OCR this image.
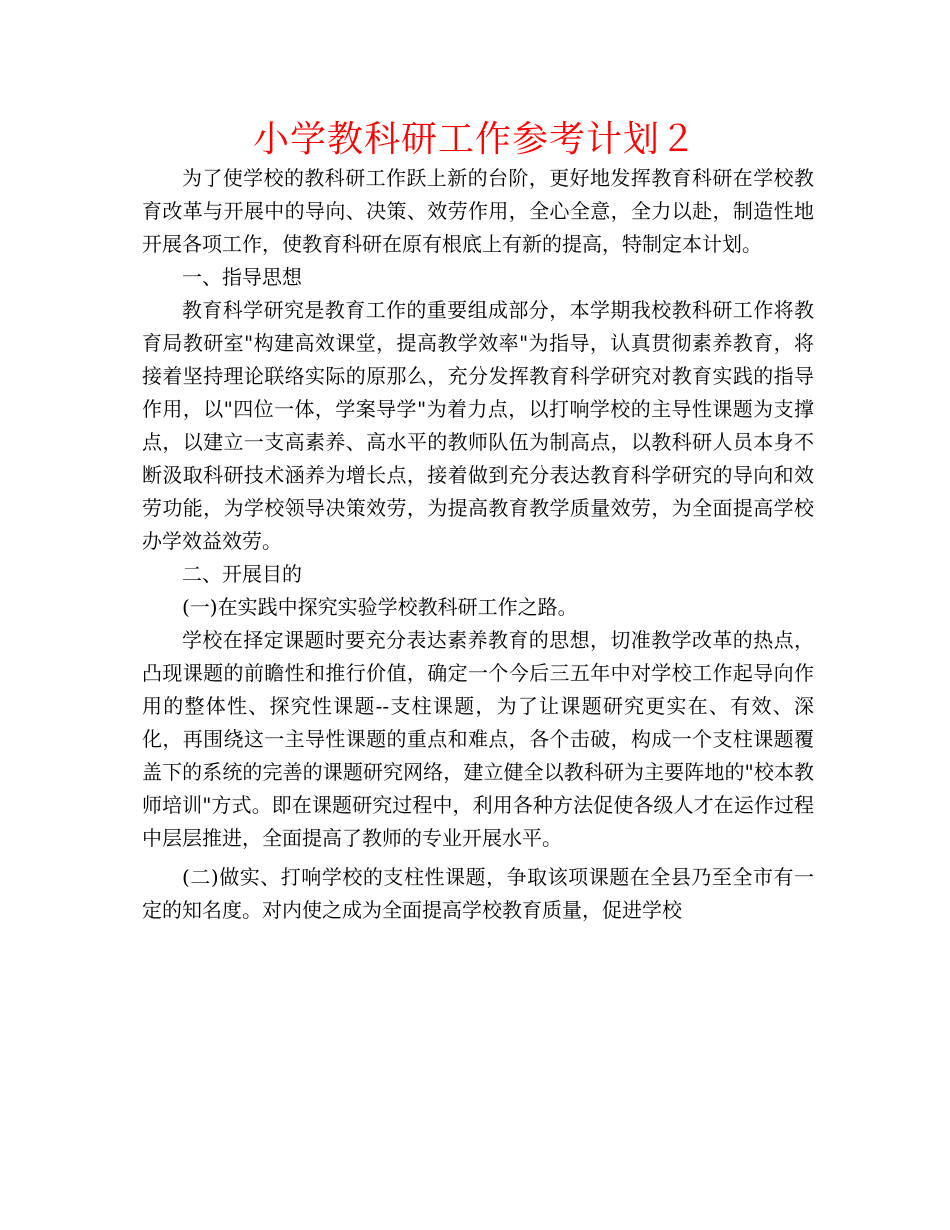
小学教科研工作参考计划２

为了使学校的教科研工作跃上新的台阶，更好地发挥教育科研在学校教育改革与开展中的导向、决策、效劳作用，全心全意，全力以赴，制造性地开展各项工作，使教育科研在原有根底上有新的提高，特制定本计划。

一、指导思想

教育科学研究是教育工作的重要组成部分，本学期我校教科研工作将教育局教研室"构建高效课堂，提高教学效率"为指导，认真贯彻素养教育，将接着坚持理论联络实际的原那么，充分发挥教育科学研究对教育实践的指导作用，以"四位一体，学案导学"为着力点，以打响学校的主导性课题为支撑点，以建立一支高素养、高水平的教师队伍为制高点，以教科研人员本身不断汲取科研技术涵养为增长点，接着做到充分表达教育科学研究的导向和效劳功能，为学校领导决策效劳，为提高教育教学质量效劳，为全面提高学校办学效益效劳。

二、开展目的

(一)在实践中探究实验学校教科研工作之路。

学校在择定课题时要充分表达素养教育的思想，切准教学改革的热点，凸现课题的前瞻性和推行价值，确定一个今后三五年中对学校工作起导向作用的整体性、探究性课题--支柱课题，为了让课题研究更实在、有效、深化，再围绕这一主导性课题的重点和难点，各个击破，构成一个支柱课题覆盖下的系统的完善的课题研究网络，建立健全以教科研为主要阵地的"校本教师培训"方式。即在课题研究过程中，利用各种方法促使各级人才在运作过程中层层推进，全面提高了教师的专业开展水平。

(二)做实、打响学校的支柱性课题，争取该项课题在全县乃至全市有一定的知名度。对内使之成为全面提高学校教育质量，促进学校
